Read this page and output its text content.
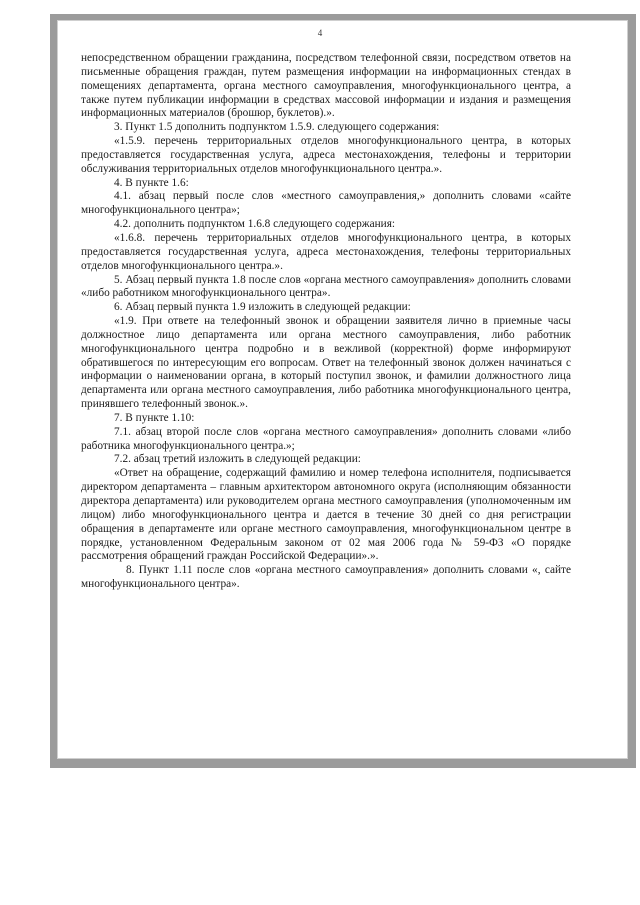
4

непосредственном обращении гражданина, посредством телефонной связи, посредством ответов на письменные обращения граждан, путем размещения информации на информационных стендах в помещениях департамента, органа местного самоуправления, многофункционального центра, а также путем публикации информации в средствах массовой информации и издания и размещения информационных материалов (брошюр, буклетов).».

3. Пункт 1.5 дополнить подпунктом 1.5.9. следующего содержания:

«1.5.9. перечень территориальных отделов многофункционального центра, в которых предоставляется государственная услуга, адреса местонахождения, телефоны и территории обслуживания территориальных отделов многофункционального центра.».

4. В пункте 1.6:

4.1. абзац первый после слов «местного самоуправления,» дополнить словами «сайте многофункционального центра»;

4.2. дополнить подпунктом 1.6.8 следующего содержания:

«1.6.8. перечень территориальных отделов многофункционального центра, в которых предоставляется государственная услуга, адреса местонахождения, телефоны территориальных отделов многофункционального центра.».

5. Абзац первый пункта 1.8 после слов «органа местного самоуправления» дополнить словами «либо работником многофункционального центра».

6. Абзац первый пункта 1.9 изложить в следующей редакции:

«1.9. При ответе на телефонный звонок и обращении заявителя лично в приемные часы должностное лицо департамента или органа местного самоуправления, либо работник многофункционального центра подробно и в вежливой (корректной) форме информируют обратившегося по интересующим его вопросам. Ответ на телефонный звонок должен начинаться с информации о наименовании органа, в который поступил звонок, и фамилии должностного лица департамента или органа местного самоуправления, либо работника многофункционального центра, принявшего телефонный звонок.».

7. В пункте 1.10:

7.1. абзац второй после слов «органа местного самоуправления» дополнить словами «либо работника многофункционального центра.»;

7.2. абзац третий изложить в следующей редакции:

«Ответ на обращение, содержащий фамилию и номер телефона исполнителя, подписывается директором департамента – главным архитектором автономного округа (исполняющим обязанности директора департамента) или руководителем органа местного самоуправления (уполномоченным им лицом) либо многофункционального центра и дается в течение 30 дней со дня регистрации обращения в департаменте или органе местного самоуправления, многофункциональном центре в порядке, установленном Федеральным законом от 02 мая 2006 года № 59-ФЗ «О порядке рассмотрения обращений граждан Российской Федерации».».

8. Пункт 1.11 после слов «органа местного самоуправления» дополнить словами «, сайте многофункционального центра».
